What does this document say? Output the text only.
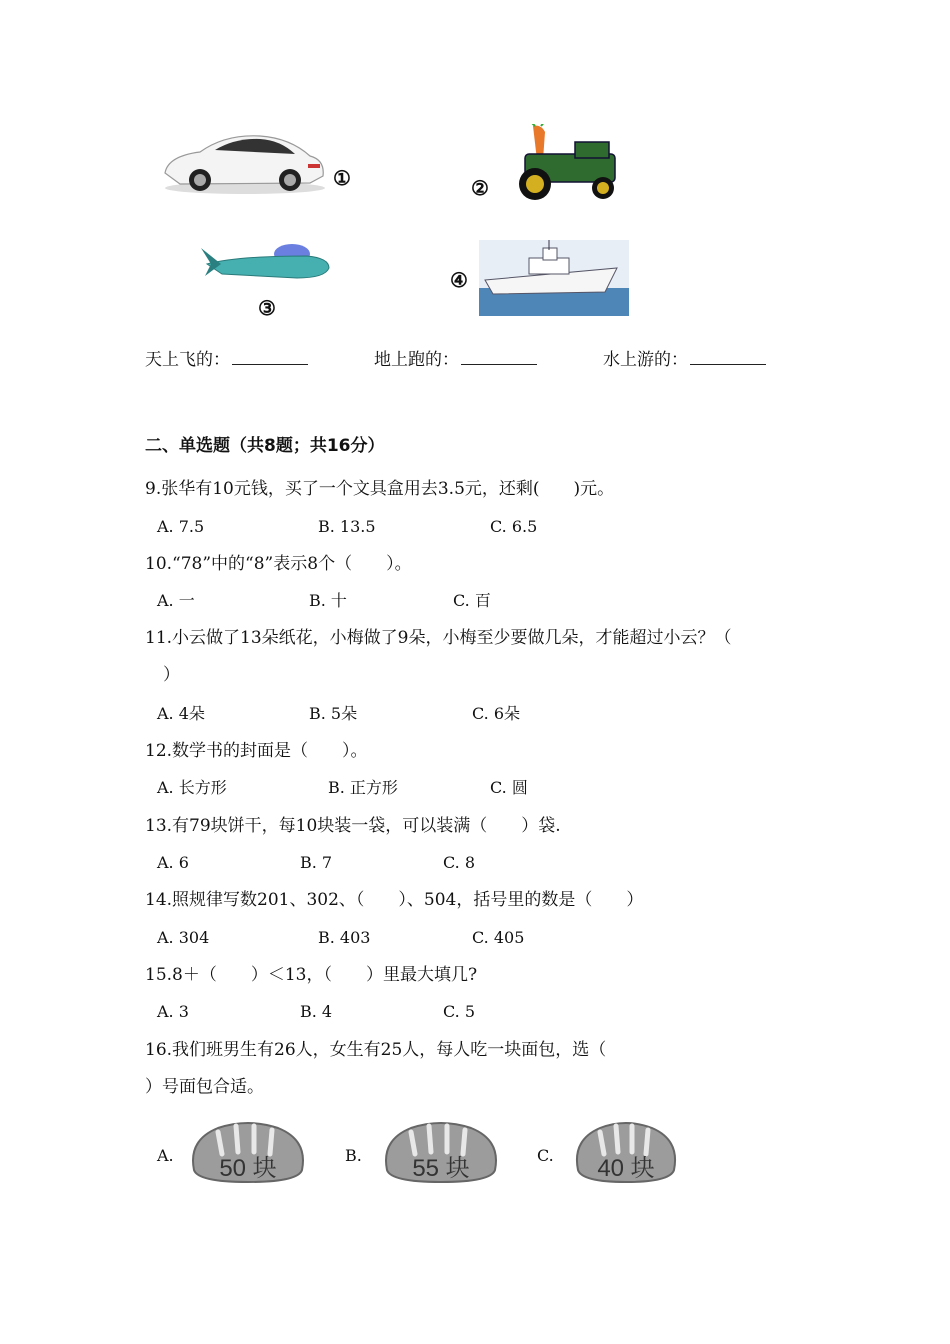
①	②
③
④
天上飞的：	地上跑的：	水上游的：
二、单选题（共8题；共16分）
9.张华有10元钱，买了一个文具盒用去3.5元，还剩(　　)元。
A. 7.5	B. 13.5	C. 6.5
10.“78”中的“8”表示8个（　　）。
A. 一	B. 十	C. 百
11.小云做了13朵纸花，小梅做了9朵，小梅至少要做几朵，才能超过小云？（
）
A. 4朵	B. 5朵	C. 6朵
12.数学书的封面是（　　）。
A. 长方形	B. 正方形	C. 圆
13.有79块饼干，每10块装一袋，可以装满（　　）袋.
A. 6	B. 7	C. 8
14.照规律写数201、302、（　　）、504，括号里的数是（　　）
A. 304	B. 403	C. 405
15.8＋（　　）＜13，（　　）里最大填几?
A. 3	B. 4	C. 5
16.我们班男生有26人，女生有25人，每人吃一块面包，选（
）号面包合适。
A. 50 块	B. 55 块	C. 40 块
